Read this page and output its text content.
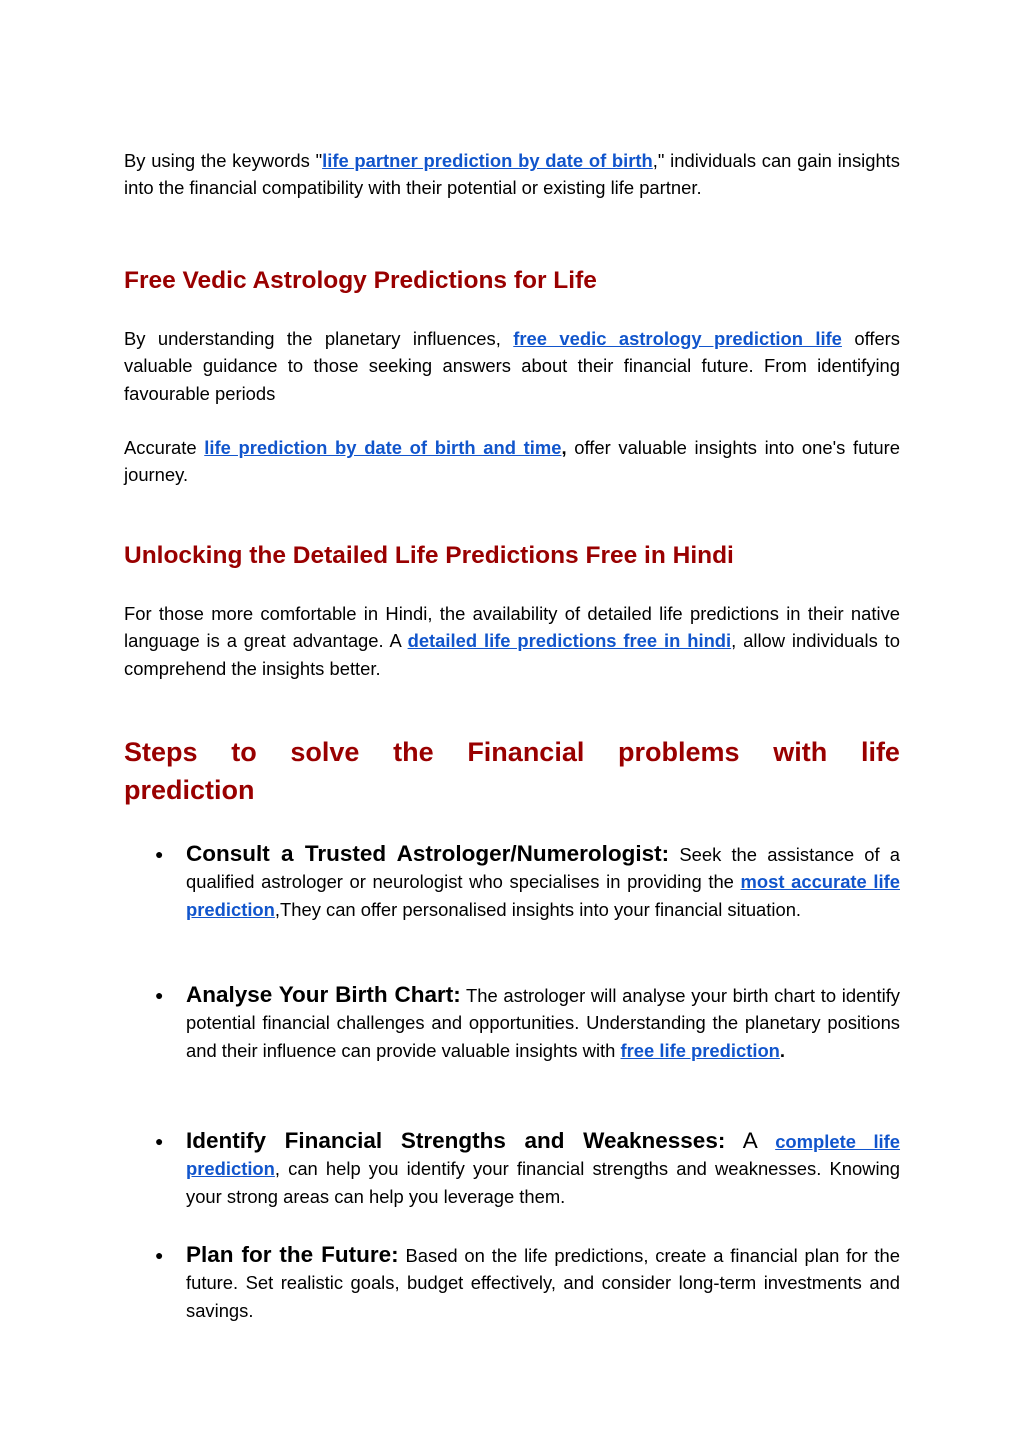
By using the keywords "life partner prediction by date of birth," individuals can gain insights into the financial compatibility with their potential or existing life partner.

Free Vedic Astrology Predictions for Life

By understanding the planetary influences, free vedic astrology prediction life offers valuable guidance to those seeking answers about their financial future. From identifying favourable periods

Accurate life prediction by date of birth and time, offer valuable insights into one's future journey.

Unlocking the Detailed Life Predictions Free in Hindi

For those more comfortable in Hindi, the availability of detailed life predictions in their native language is a great advantage. A detailed life predictions free in hindi, allow individuals to comprehend the insights better.

Steps to solve the Financial problems with life
prediction
● Consult a Trusted Astrologer/Numerologist: Seek the assistance of a qualified astrologer or neurologist who specialises in providing the most accurate life prediction,They can offer personalised insights into your financial situation.

● Analyse Your Birth Chart: The astrologer will analyse your birth chart to identify potential financial challenges and opportunities. Understanding the planetary positions and their influence can provide valuable insights with free life prediction.

● Identify Financial Strengths and Weaknesses: A complete life prediction, can help you identify your financial strengths and weaknesses. Knowing your strong areas can help you leverage them.

● Plan for the Future: Based on the life predictions, create a financial plan for the future. Set realistic goals, budget effectively, and consider long-term investments and savings.
